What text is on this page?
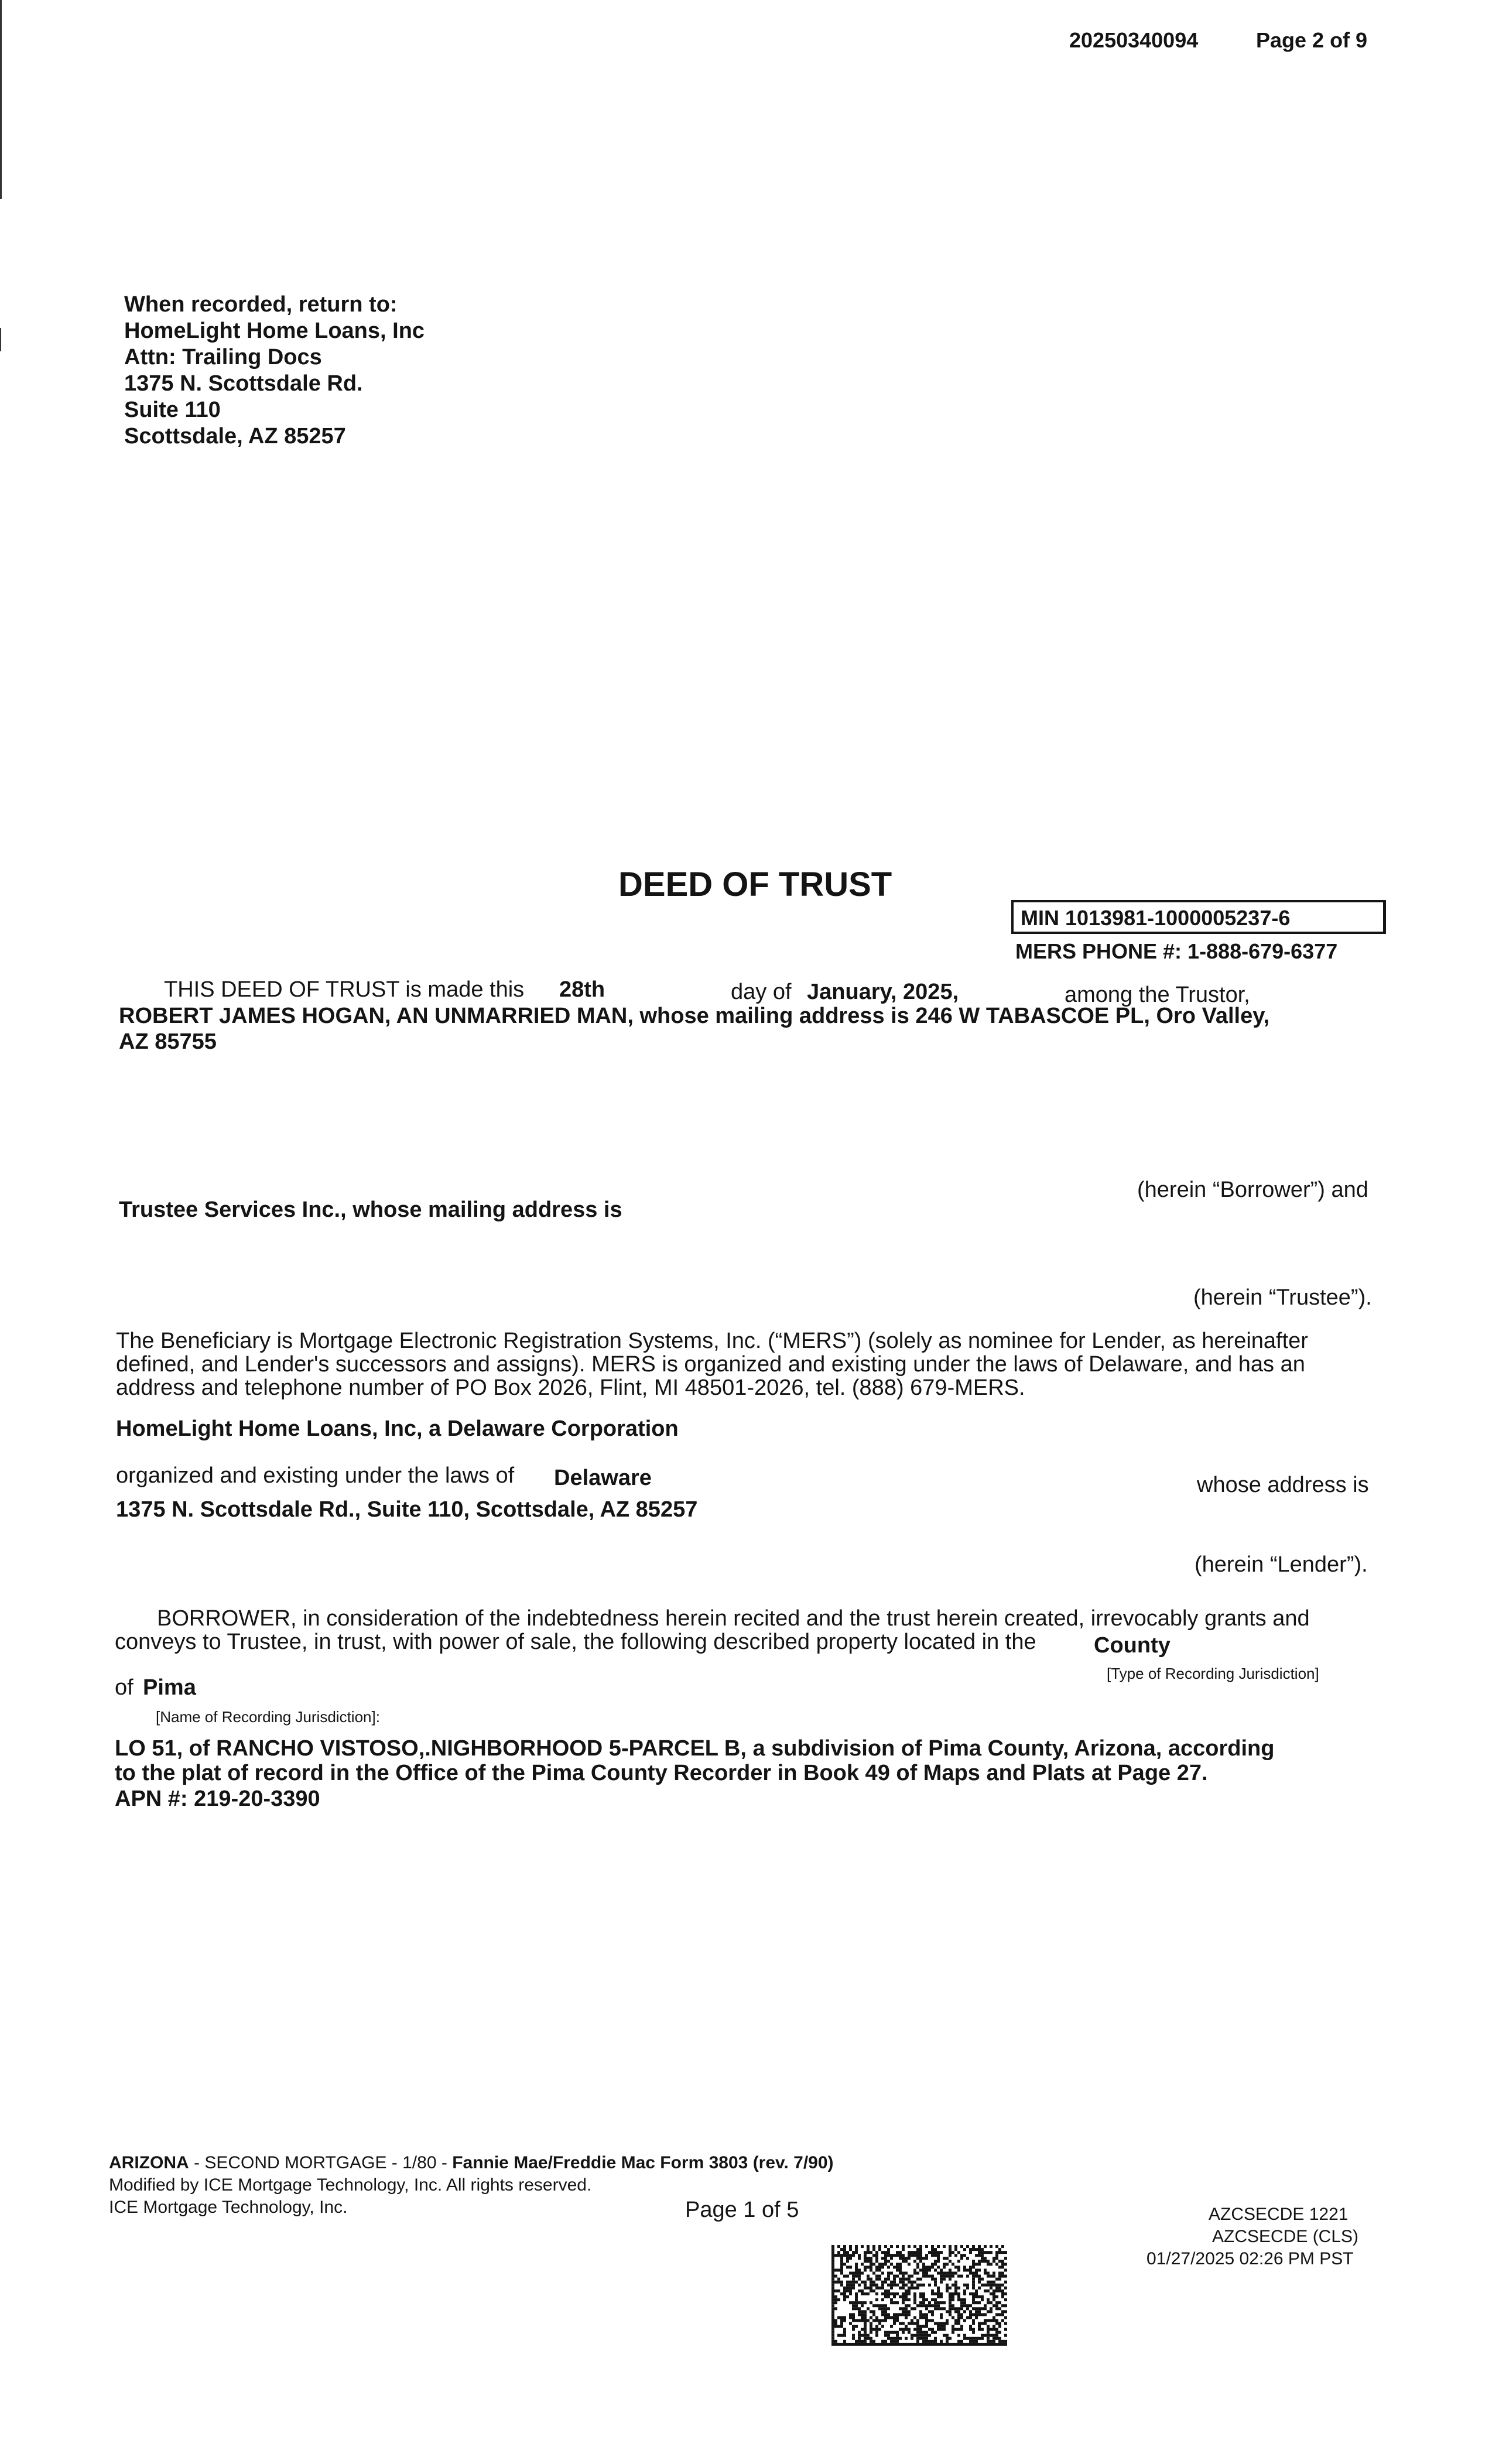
20250340094	Page 2 of 9
When recorded, return to:
HomeLight Home Loans, Inc
Attn: Trailing Docs
1375 N. Scottsdale Rd.
Suite 110
Scottsdale, AZ 85257
DEED OF TRUST
MIN 1013981-1000005237-6
MERS PHONE #: 1-888-679-6377
THIS DEED OF TRUST is made this 28th	day of January, 2025,	among the Trustor,
ROBERT JAMES HOGAN, AN UNMARRIED MAN, whose mailing address is 246 W TABASCOE PL, Oro Valley,
AZ 85755
(herein “Borrower”) and
Trustee Services Inc., whose mailing address is
(herein “Trustee”).
The Beneficiary is Mortgage Electronic Registration Systems, Inc. (“MERS”) (solely as nominee for Lender, as hereinafter
defined, and Lender's successors and assigns). MERS is organized and existing under the laws of Delaware, and has an
address and telephone number of PO Box 2026, Flint, MI 48501-2026, tel. (888) 679-MERS.
HomeLight Home Loans, Inc, a Delaware Corporation
organized and existing under the laws of Delaware	whose address is
1375 N. Scottsdale Rd., Suite 110, Scottsdale, AZ 85257
(herein “Lender”).
BORROWER, in consideration of the indebtedness herein recited and the trust herein created, irrevocably grants and
conveys to Trustee, in trust, with power of sale, the following described property located in the	County
[Type of Recording Jurisdiction]
of Pima
[Name of Recording Jurisdiction]:
LO 51, of RANCHO VISTOSO,.NIGHBORHOOD 5-PARCEL B, a subdivision of Pima County, Arizona, according
to the plat of record in the Office of the Pima County Recorder in Book 49 of Maps and Plats at Page 27.
APN #: 219-20-3390
ARIZONA - SECOND MORTGAGE - 1/80 - Fannie Mae/Freddie Mac Form 3803 (rev. 7/90)
Modified by ICE Mortgage Technology, Inc. All rights reserved.
ICE Mortgage Technology, Inc.	Page 1 of 5	AZCSECDE 1221
AZCSECDE (CLS)
01/27/2025 02:26 PM PST
